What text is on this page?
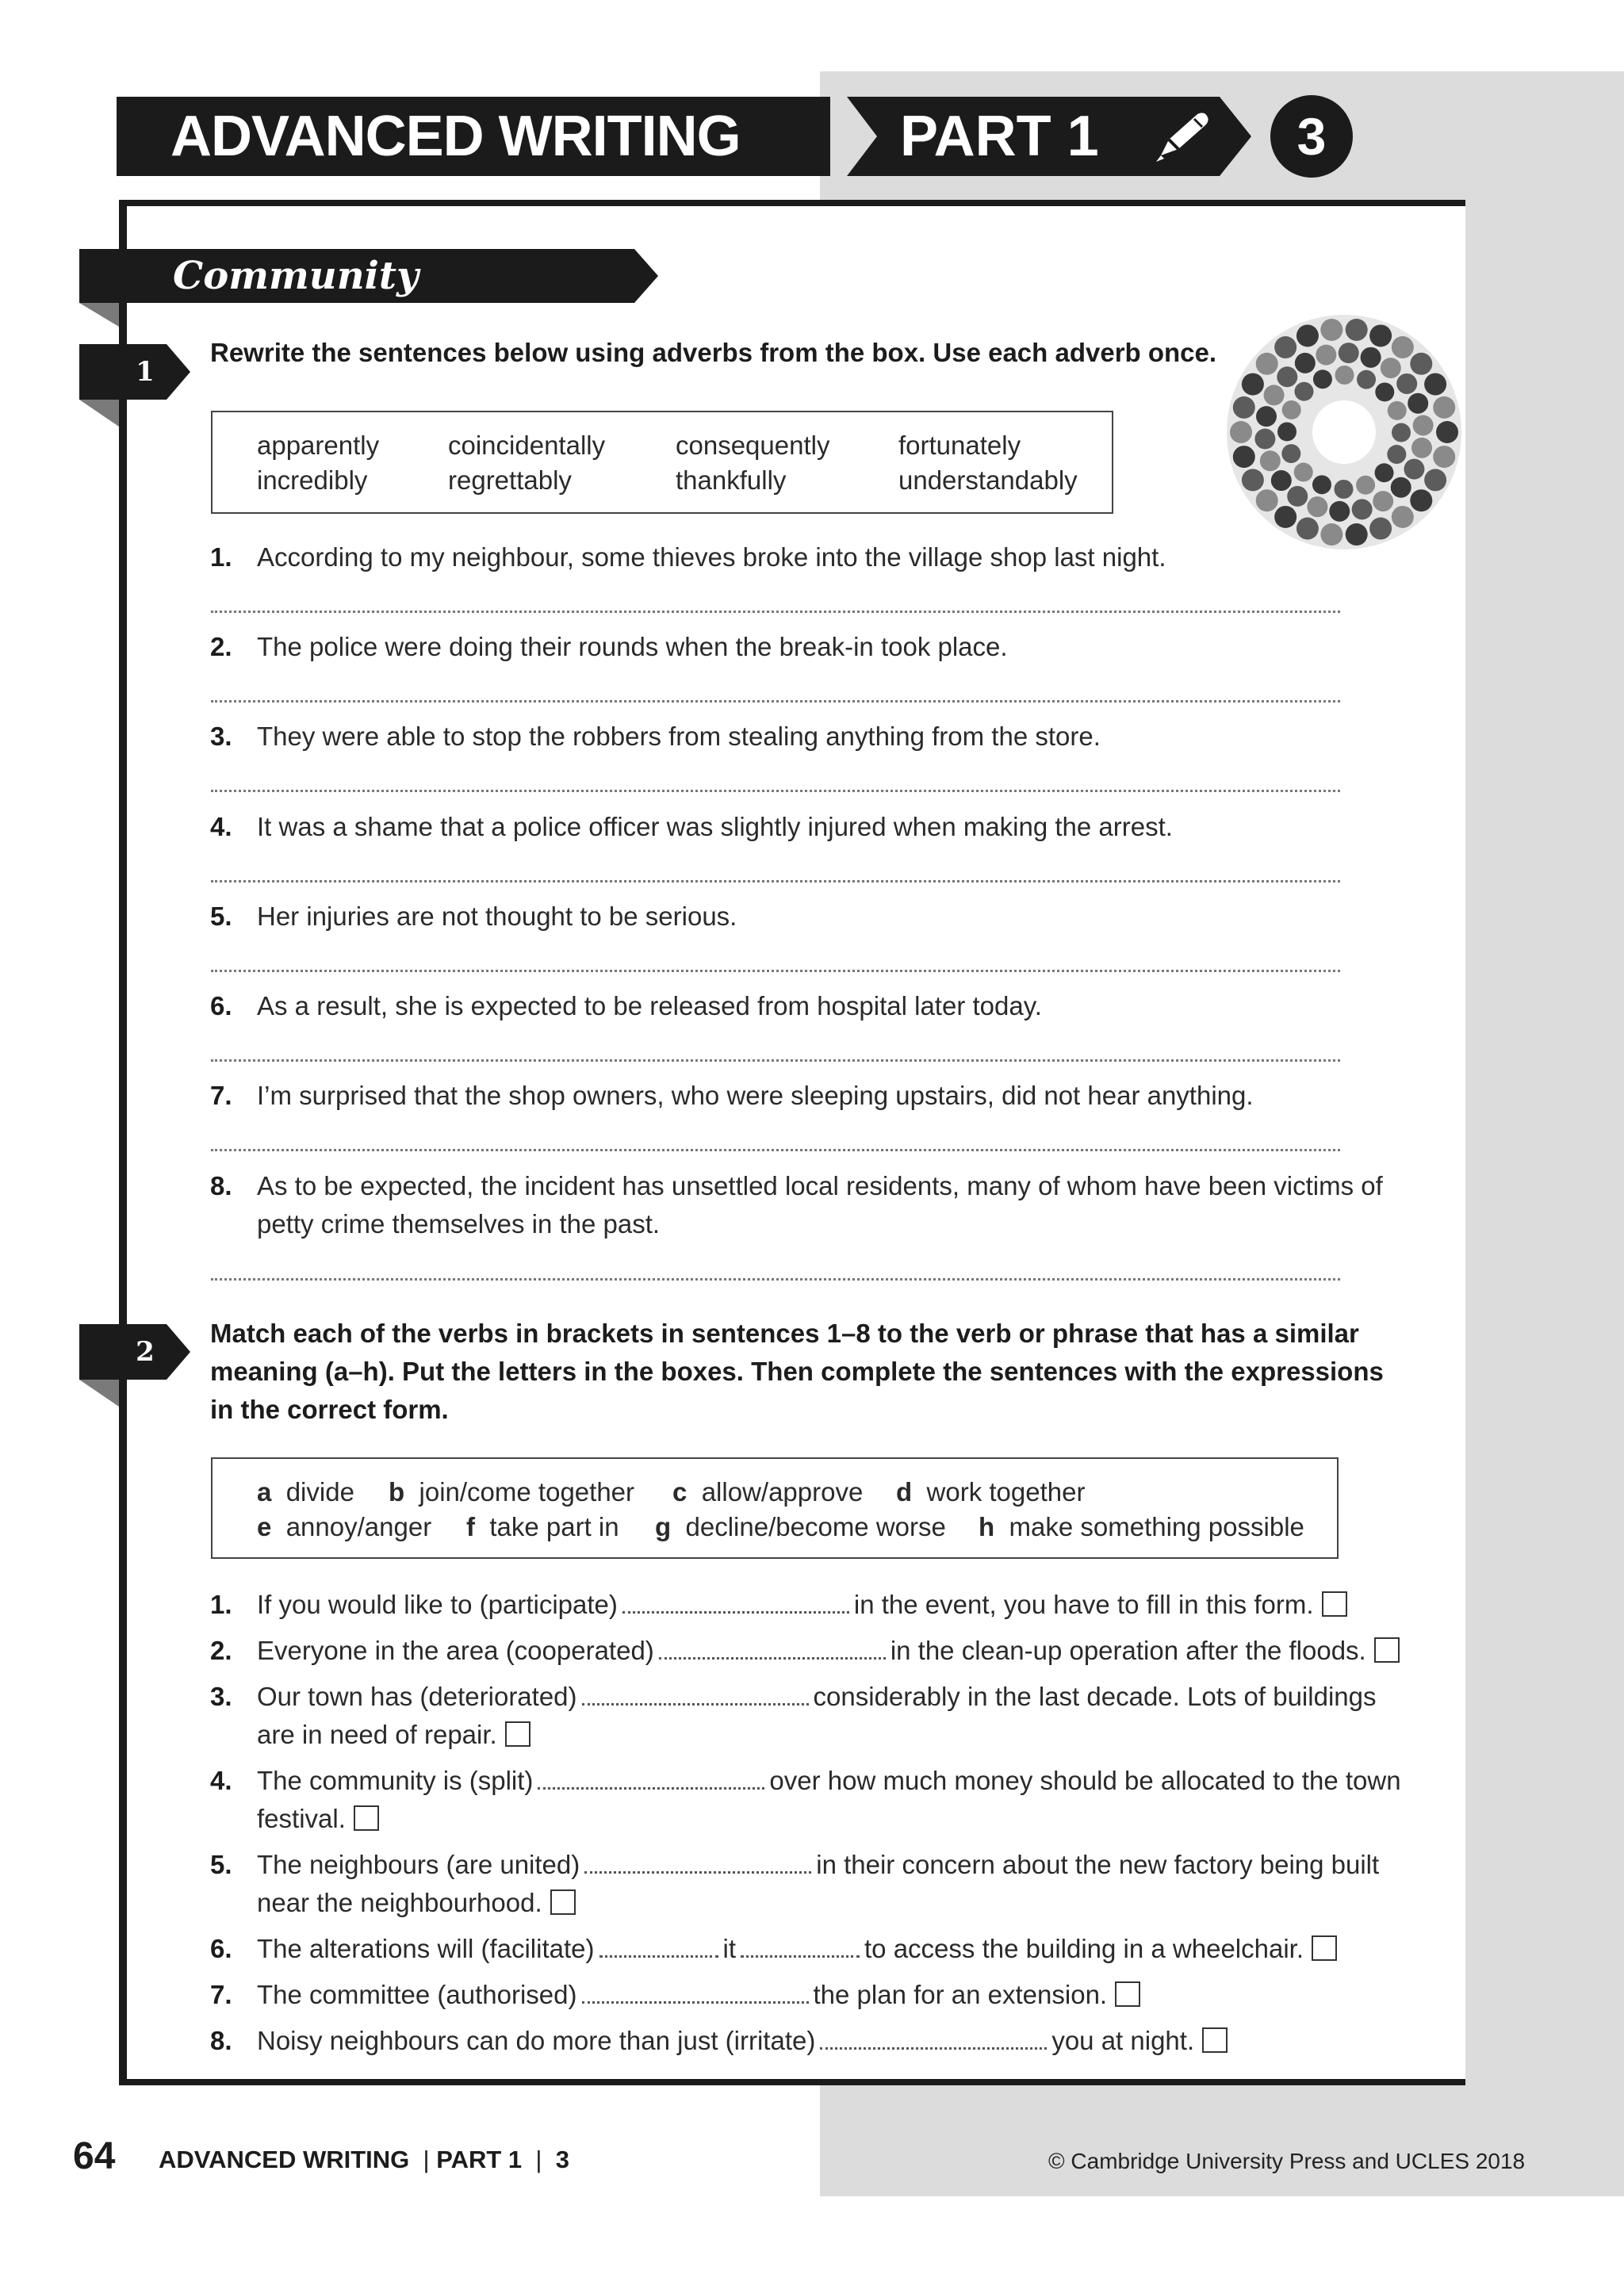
ADVANCED WRITING	PART 1	3
Community
1
Rewrite the sentences below using adverbs from the box. Use each adverb once.
apparently	coincidentally	consequently	fortunately
incredibly	regrettably	thankfully	understandably
1. According to my neighbour, some thieves broke into the village shop last night.
2. The police were doing their rounds when the break-in took place.
3. They were able to stop the robbers from stealing anything from the store.
4. It was a shame that a police officer was slightly injured when making the arrest.
5. Her injuries are not thought to be serious.
6. As a result, she is expected to be released from hospital later today.
7. I’m surprised that the shop owners, who were sleeping upstairs, did not hear anything.
8. As to be expected, the incident has unsettled local residents, many of whom have been victims of
petty crime themselves in the past.
2
Match each of the verbs in brackets in sentences 1–8 to the verb or phrase that has a similar
meaning (a–h). Put the letters in the boxes. Then complete the sentences with the expressions
in the correct form.
a divide b join/come together c allow/approve d work together
e annoy/anger f take part in g decline/become worse h make something possible
1. If you would like to (participate)	in the event, you have to fill in this form.
2. Everyone in the area (cooperated)	in the clean-up operation after the floods.
3. Our town has (deteriorated)	considerably in the last decade. Lots of buildings
are in need of repair.
4. The community is (split)	over how much money should be allocated to the town
festival.
5. The neighbours (are united)	in their concern about the new factory being built
near the neighbourhood.
6. The alterations will (facilitate)	it	to access the building in a wheelchair.
7. The committee (authorised)	the plan for an extension.
8. Noisy neighbours can do more than just (irritate)	you at night.
64 ADVANCED WRITING | PART 1 | 3	© Cambridge University Press and UCLES 2018
